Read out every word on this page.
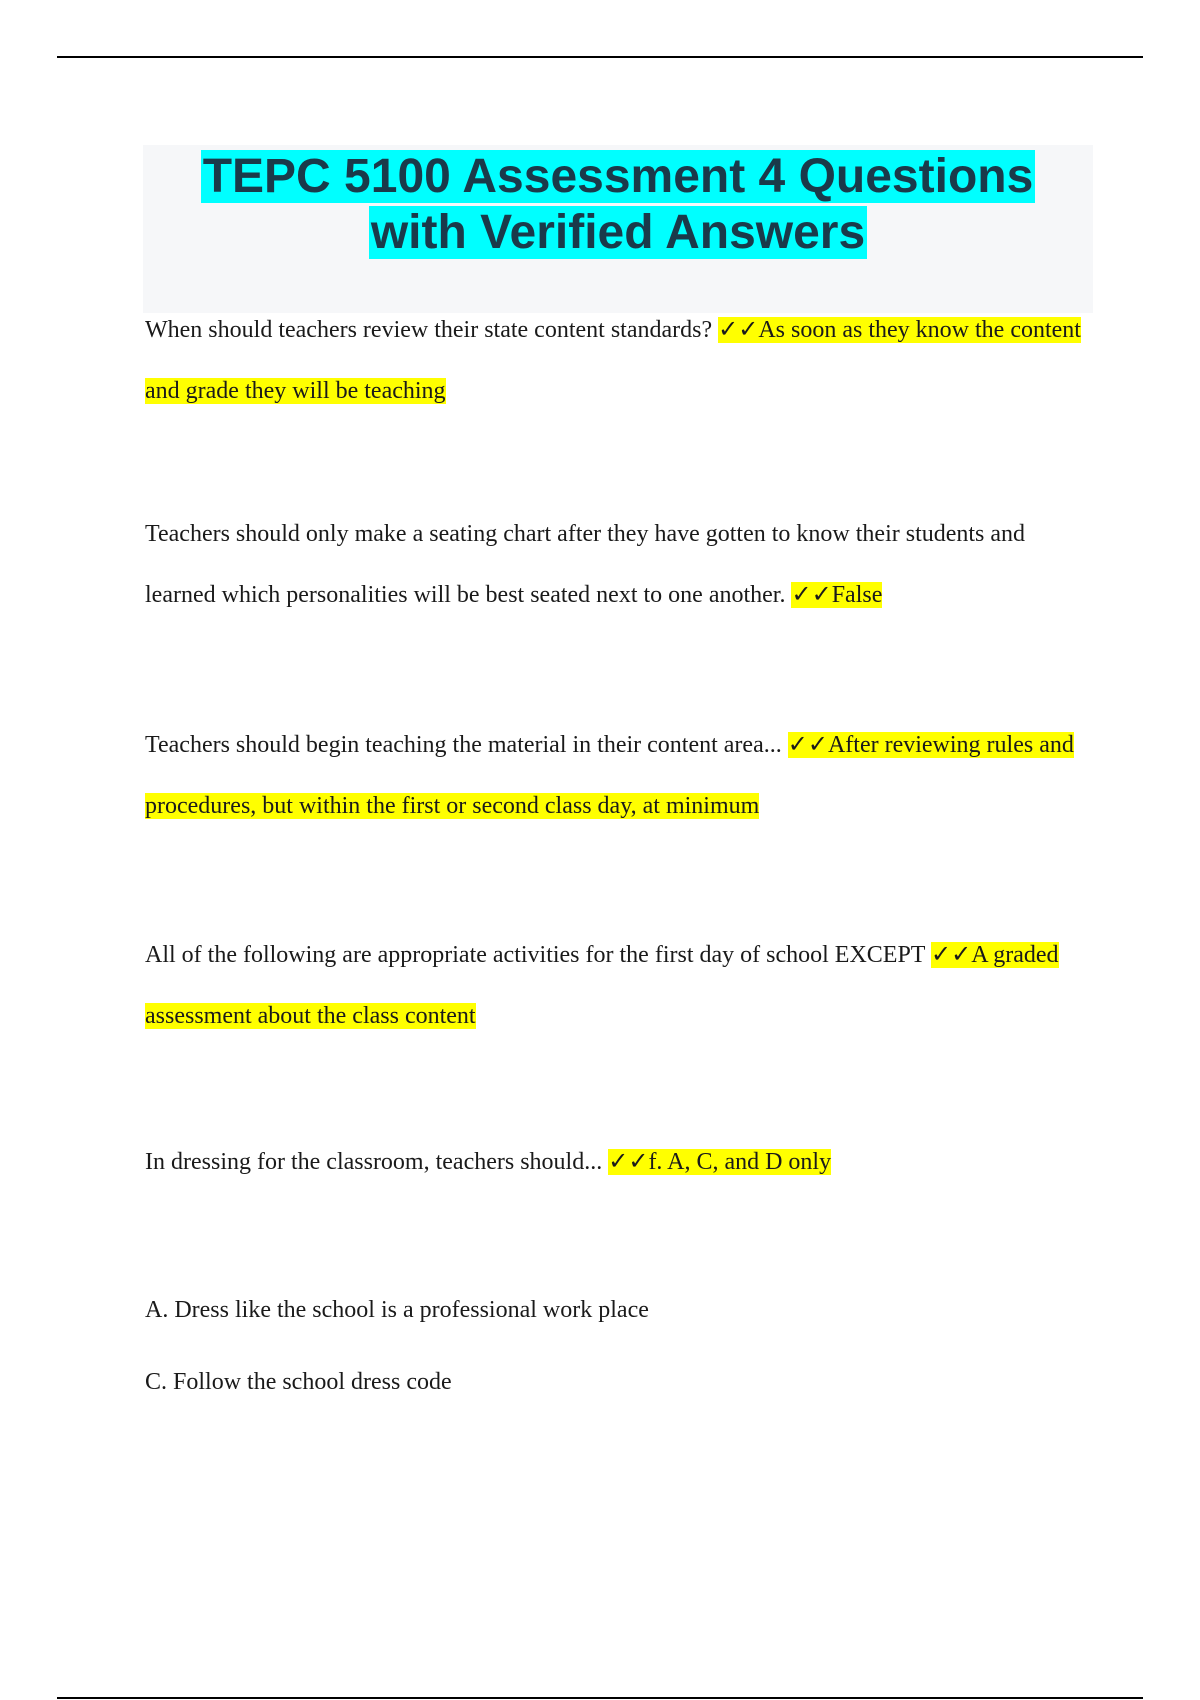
TEPC 5100 Assessment 4 Questions
with Verified Answers
When should teachers review their state content standards? ✓✓As soon as they know the content and grade they will be teaching
Teachers should only make a seating chart after they have gotten to know their students and learned which personalities will be best seated next to one another. ✓✓False
Teachers should begin teaching the material in their content area... ✓✓After reviewing rules and procedures, but within the first or second class day, at minimum
All of the following are appropriate activities for the first day of school EXCEPT ✓✓A graded assessment about the class content
In dressing for the classroom, teachers should... ✓✓f. A, C, and D only
A. Dress like the school is a professional work place
C. Follow the school dress code
